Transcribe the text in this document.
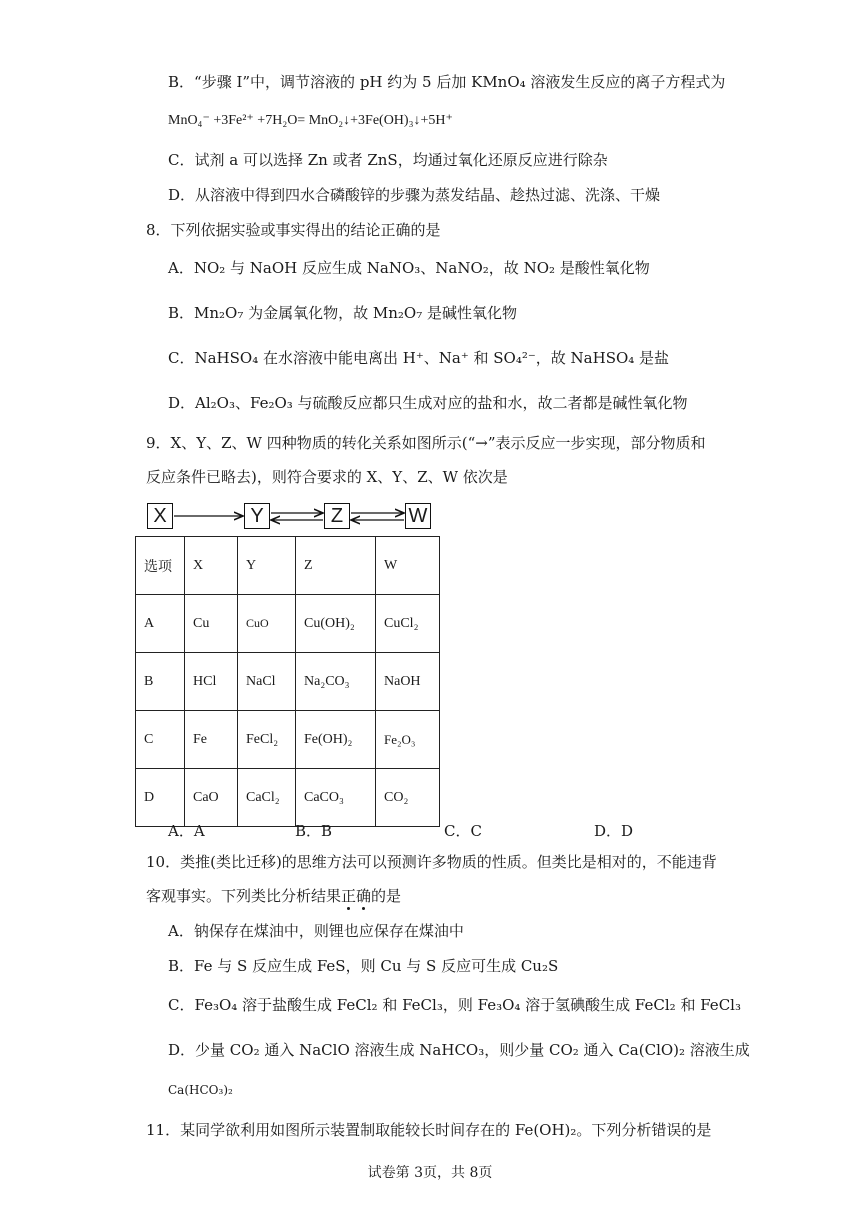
B．“步骤 I”中，调节溶液的 pH 约为 5 后加 KMnO₄ 溶液发生反应的离子方程式为
MnO₄⁻ +3Fe²⁺ +7H₂O= MnO₂↓+3Fe(OH)₃↓+5H⁺
C．试剂 a 可以选择 Zn 或者 ZnS，均通过氧化还原反应进行除杂
D．从溶液中得到四水合磷酸锌的步骤为蒸发结晶、趁热过滤、洗涤、干燥
8．下列依据实验或事实得出的结论正确的是
A．NO₂ 与 NaOH 反应生成 NaNO₃、NaNO₂，故 NO₂ 是酸性氧化物
B．Mn₂O₇ 为金属氧化物，故 Mn₂O₇ 是碱性氧化物
C．NaHSO₄ 在水溶液中能电离出 H⁺、Na⁺ 和 SO₄²⁻，故 NaHSO₄ 是盐
D．Al₂O₃、Fe₂O₃ 与硫酸反应都只生成对应的盐和水，故二者都是碱性氧化物
9．X、Y、Z、W 四种物质的转化关系如图所示(“→”表示反应一步实现，部分物质和
反应条件已略去)，则符合要求的 X、Y、Z、W 依次是
X	Y	Z	W
选项	X	Y	Z	W
A	Cu	CuO	Cu(OH)₂	CuCl₂
B	HCl	NaCl	Na₂CO₃	NaOH
C	Fe	FeCl₂	Fe(OH)₂	Fe₂O₃
D	CaO	CaCl₂	CaCO₃	CO₂
A．A	B．B	C．C	D．D
10．类推(类比迁移)的思维方法可以预测许多物质的性质。但类比是相对的，不能违背
客观事实。下列类比分析结果正确的是
A．钠保存在煤油中，则锂也应保存在煤油中
B．Fe 与 S 反应生成 FeS，则 Cu 与 S 反应可生成 Cu₂S
C．Fe₃O₄ 溶于盐酸生成 FeCl₂ 和 FeCl₃，则 Fe₃O₄ 溶于氢碘酸生成 FeCl₂ 和 FeCl₃
D．少量 CO₂ 通入 NaClO 溶液生成 NaHCO₃，则少量 CO₂ 通入 Ca(ClO)₂ 溶液生成
Ca(HCO₃)₂
11．某同学欲利用如图所示装置制取能较长时间存在的 Fe(OH)₂。下列分析错误的是
试卷第 3页，共 8页
